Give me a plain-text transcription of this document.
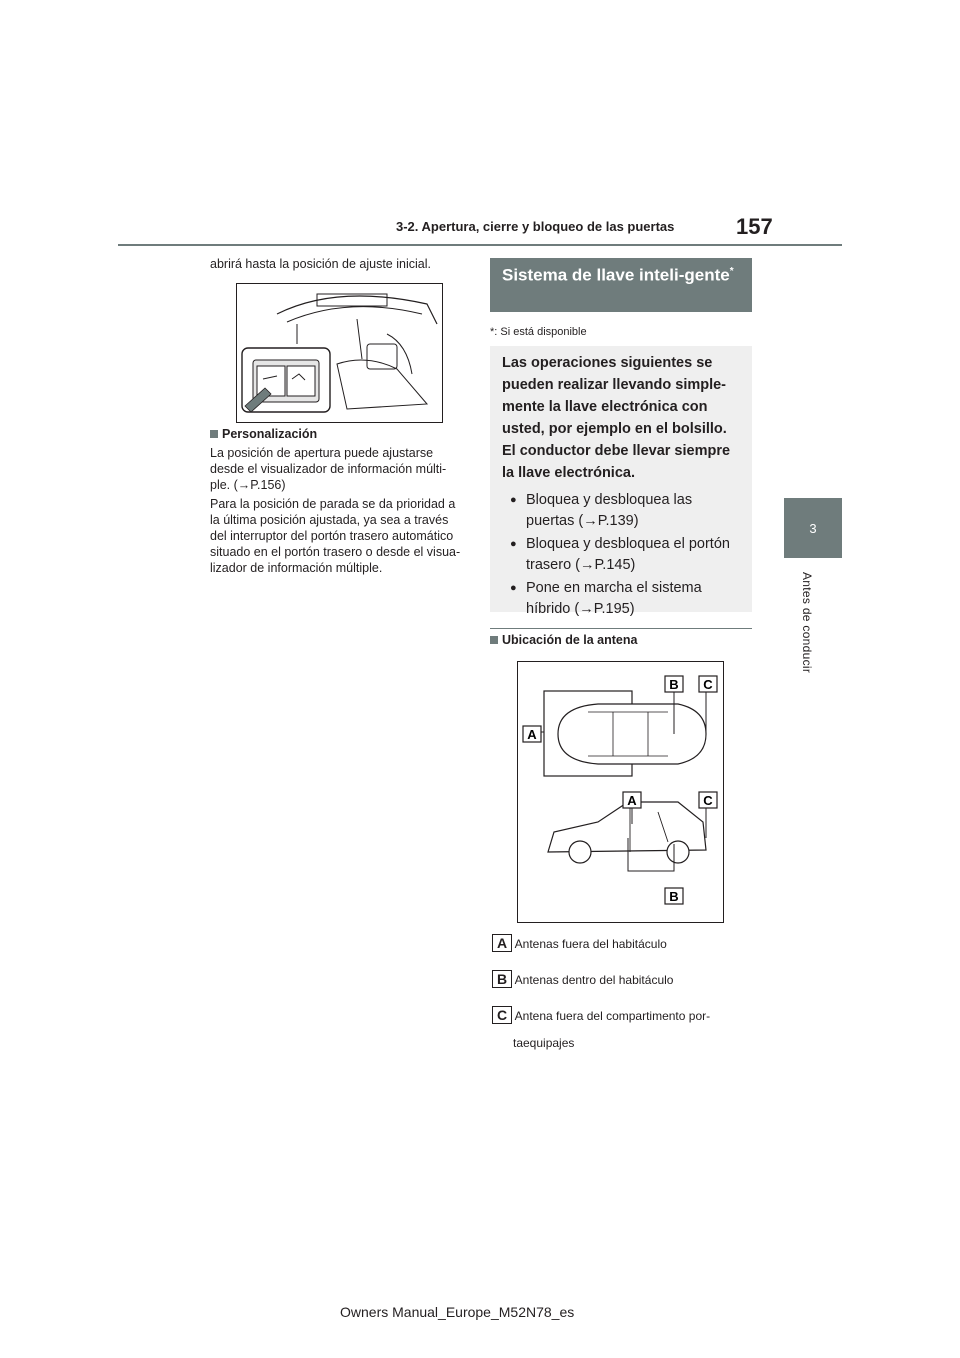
157
3-2. Apertura, cierre y bloqueo de las puertas
3
Antes de conducir
abrirá hasta la posición de ajuste inicial.
Personalización
La posición de apertura puede ajustarse desde el visualizador de información múlti-ple. (→P.156)
Para la posición de parada se da prioridad a la última posición ajustada, ya sea a través del interruptor del portón trasero automático situado en el portón trasero o desde el visua-lizador de información múltiple.
Sistema de llave inteli-gente*
*: Si está disponible
Las operaciones siguientes se pueden realizar llevando simple-mente la llave electrónica con usted, por ejemplo en el bolsillo. El conductor debe llevar siempre la llave electrónica.
● Bloquea y desbloquea las puertas (→P.139)
● Bloquea y desbloquea el portón trasero (→P.145)
● Pone en marcha el sistema híbrido (→P.195)
Ubicación de la antena
A
B C
A	C
B
A Antenas fuera del habitáculo
B Antenas dentro del habitáculo
C Antena fuera del compartimento por-
taequipajes
Owners Manual_Europe_M52N78_es
